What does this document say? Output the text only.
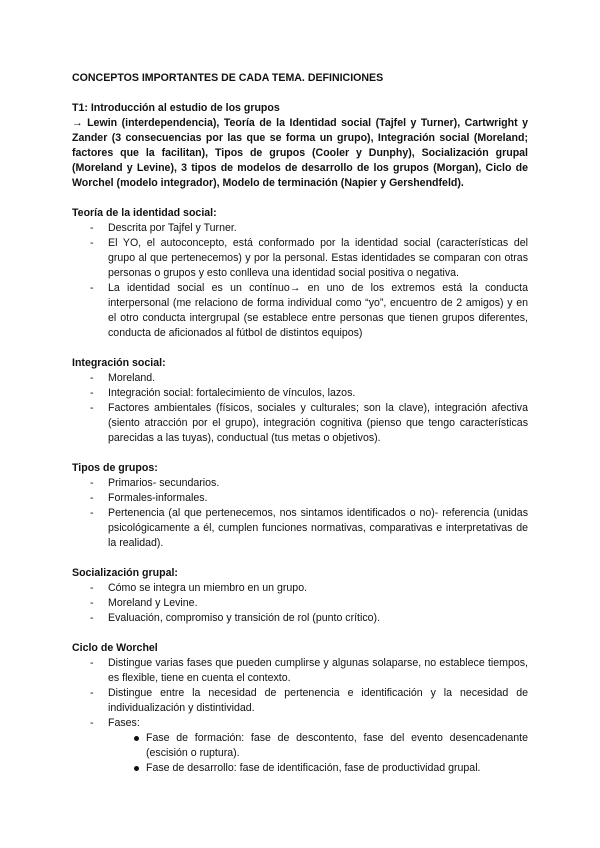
CONCEPTOS IMPORTANTES DE CADA TEMA. DEFINICIONES
T1: Introducción al estudio de los grupos
→ Lewin (interdependencia), Teoría de la Identidad social (Tajfel y Turner), Cartwright y Zander (3 consecuencias por las que se forma un grupo), Integración social (Moreland; factores que la facilitan), Tipos de grupos (Cooler y Dunphy), Socialización grupal (Moreland y Levine), 3 tipos de modelos de desarrollo de los grupos (Morgan), Ciclo de Worchel (modelo integrador), Modelo de terminación (Napier y Gershendfeld).
Teoría de la identidad social:
- Descrita por Tajfel y Turner.
- El YO, el autoconcepto, está conformado por la identidad social (características del grupo al que pertenecemos) y por la personal. Estas identidades se comparan con otras personas o grupos y esto conlleva una identidad social positiva o negativa.
- La identidad social es un contínuo→ en uno de los extremos está la conducta interpersonal (me relaciono de forma individual como “yo”, encuentro de 2 amigos) y en el otro conducta intergrupal (se establece entre personas que tienen grupos diferentes, conducta de aficionados al fútbol de distintos equipos)
Integración social:
- Moreland.
- Integración social: fortalecimiento de vínculos, lazos.
- Factores ambientales (físicos, sociales y culturales; son la clave), integración afectiva (siento atracción por el grupo), integración cognitiva (pienso que tengo características parecidas a las tuyas), conductual (tus metas o objetivos).
Tipos de grupos:
- Primarios- secundarios.
- Formales-informales.
- Pertenencia (al que pertenecemos, nos sintamos identificados o no)- referencia (unidas psicológicamente a él, cumplen funciones normativas, comparativas e interpretativas de la realidad).
Socialización grupal:
- Cómo se integra un miembro en un grupo.
- Moreland y Levine.
- Evaluación, compromiso y transición de rol (punto crítico).
Ciclo de Worchel
- Distingue varias fases que pueden cumplirse y algunas solaparse, no establece tiempos, es flexible, tiene en cuenta el contexto.
- Distingue entre la necesidad de pertenencia e identificación y la necesidad de individualización y distintividad.
- Fases:
Fase de formación: fase de descontento, fase del evento desencadenante (escisión o ruptura).
Fase de desarrollo: fase de identificación, fase de productividad grupal.
